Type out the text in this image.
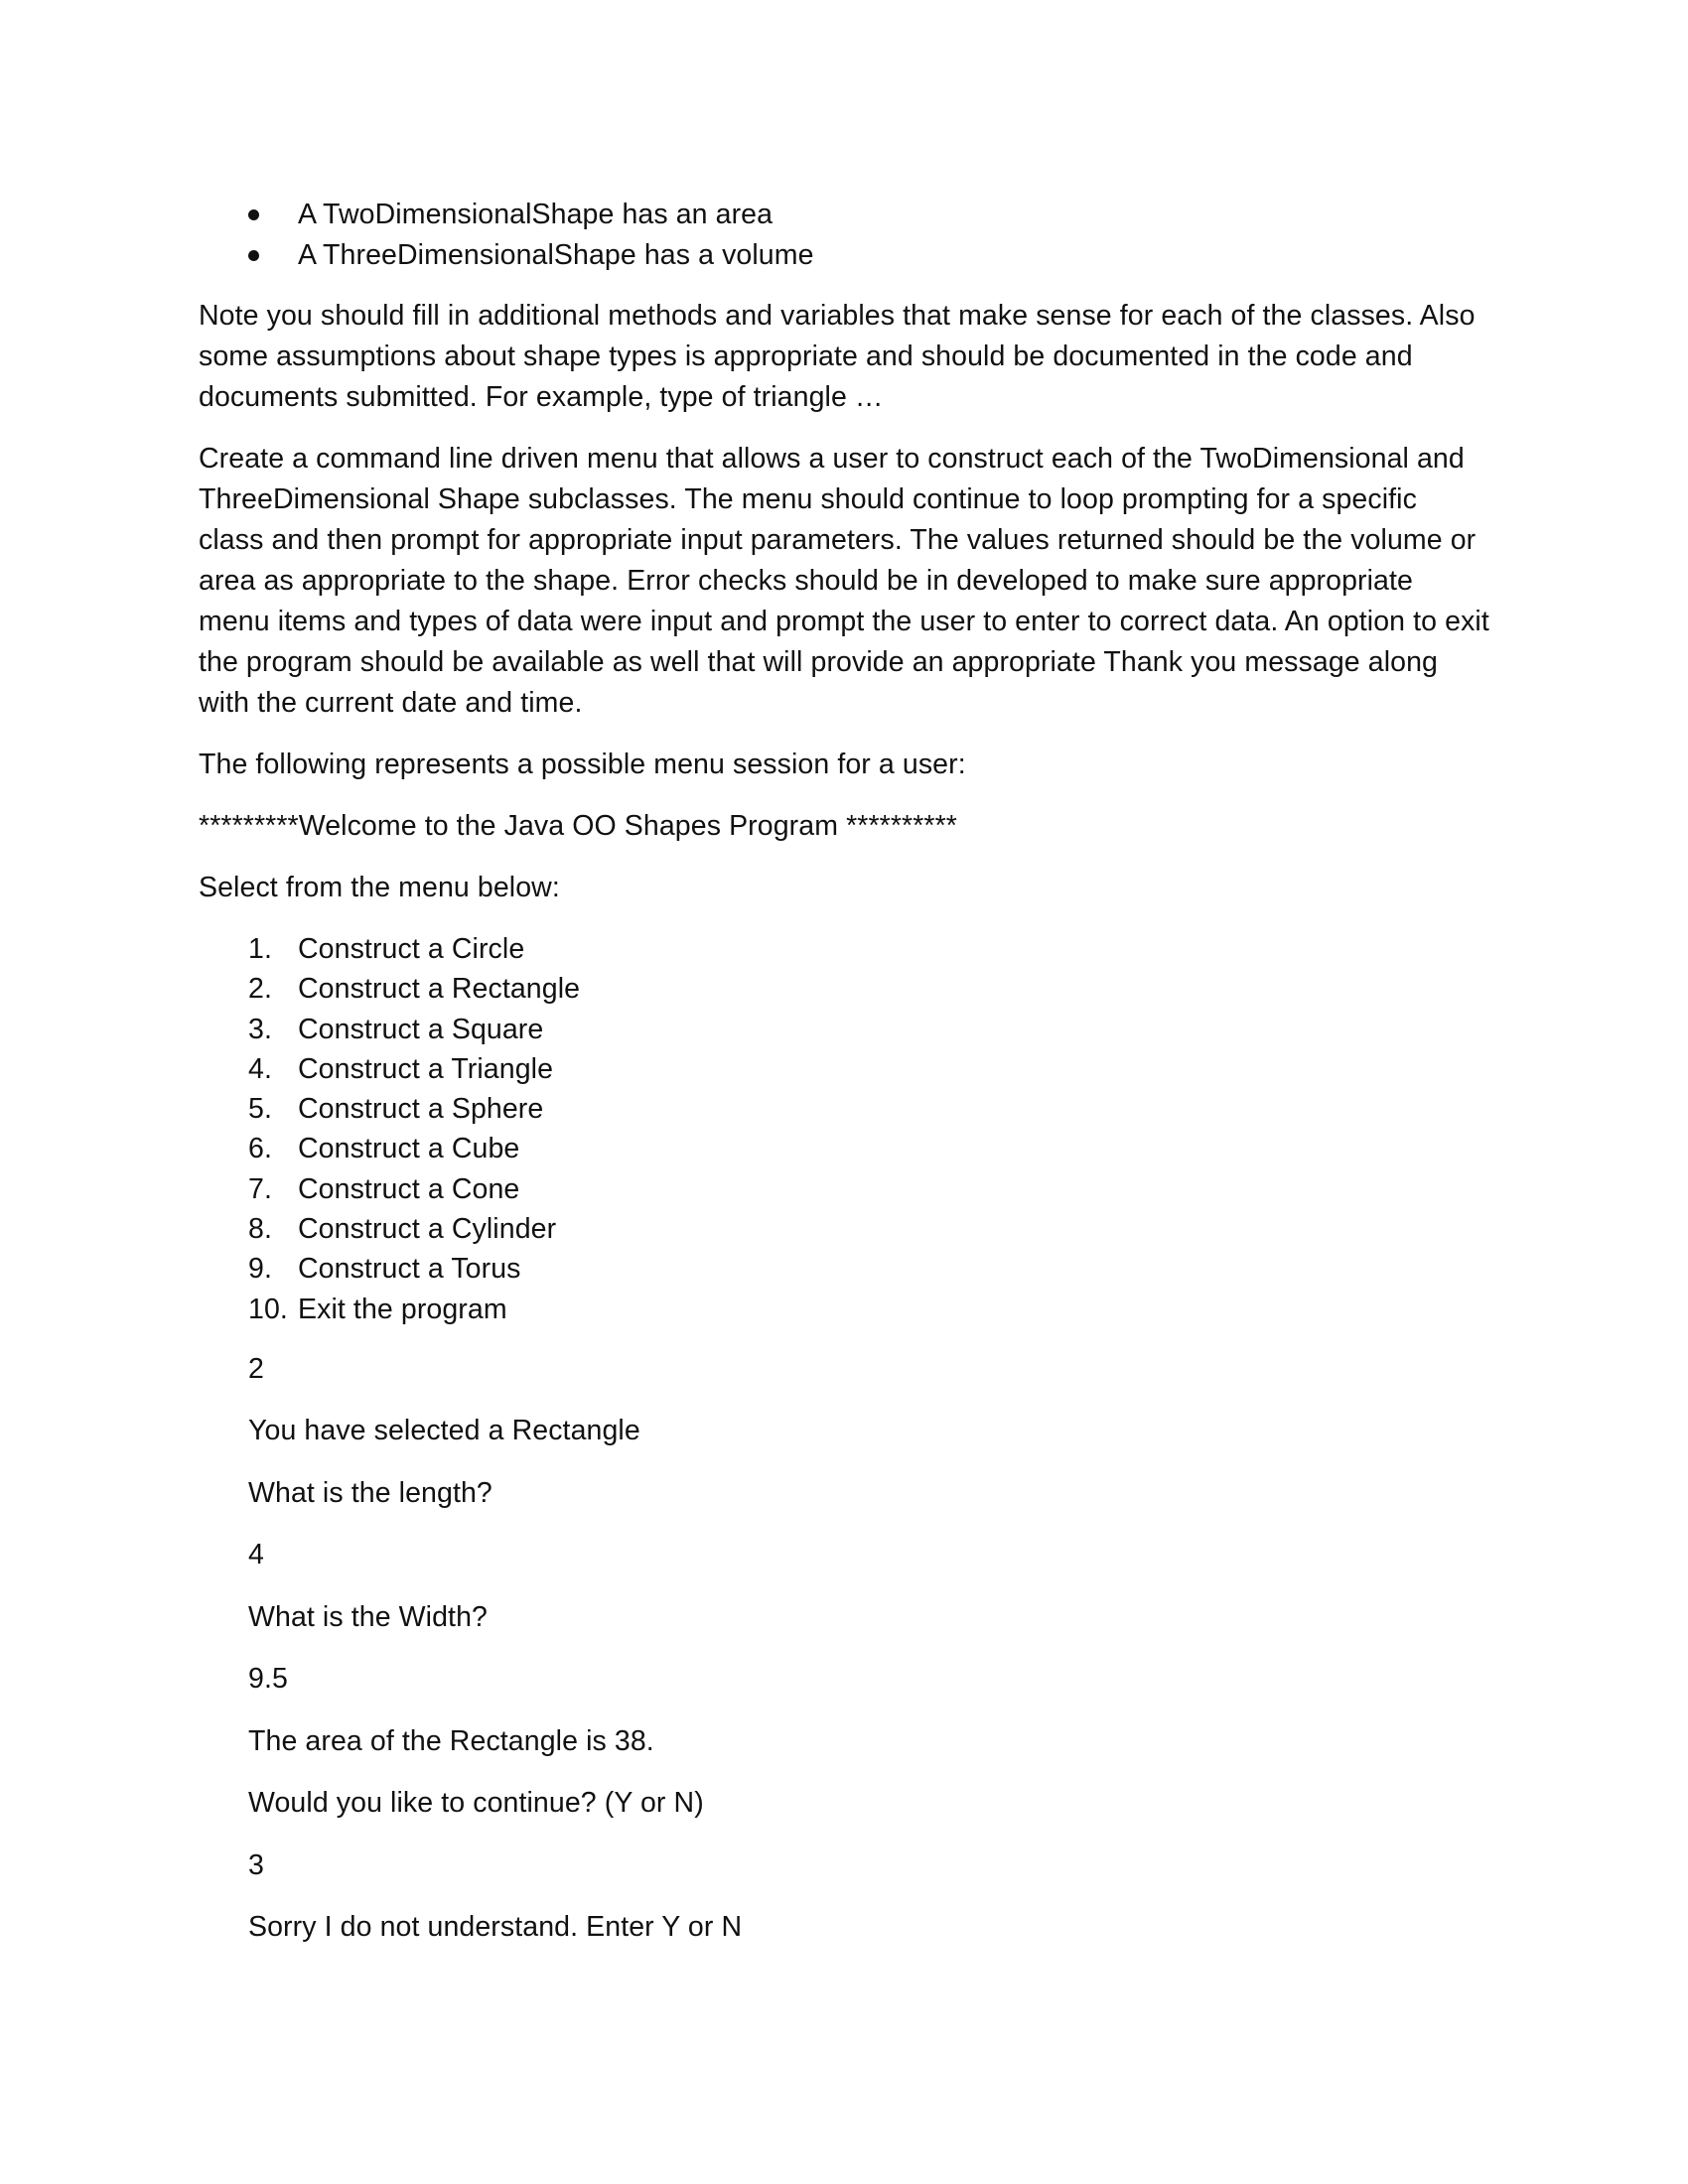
A TwoDimensionalShape has an area
A ThreeDimensionalShape has a volume

Note you should fill in additional methods and variables that make sense for each of the classes. Also some assumptions about shape types is appropriate and should be documented in the code and documents submitted. For example, type of triangle …

Create a command line driven menu that allows a user to construct each of the TwoDimensional and ThreeDimensional Shape subclasses. The menu should continue to loop prompting for a specific class and then prompt for appropriate input parameters. The values returned should be the volume or area as appropriate to the shape. Error checks should be in developed to make sure appropriate menu items and types of data were input and prompt the user to enter to correct data. An option to exit the program should be available as well that will provide an appropriate Thank you message along with the current date and time.

The following represents a possible menu session for a user:

*********Welcome to the Java OO Shapes Program **********

Select from the menu below:

1. Construct a Circle
2. Construct a Rectangle
3. Construct a Square
4. Construct a Triangle
5. Construct a Sphere
6. Construct a Cube
7. Construct a Cone
8. Construct a Cylinder
9. Construct a Torus
10. Exit the program

2

You have selected a Rectangle

What is the length?

4

What is the Width?

9.5

The area of the Rectangle is 38.

Would you like to continue? (Y or N)

3

Sorry I do not understand. Enter Y or N
